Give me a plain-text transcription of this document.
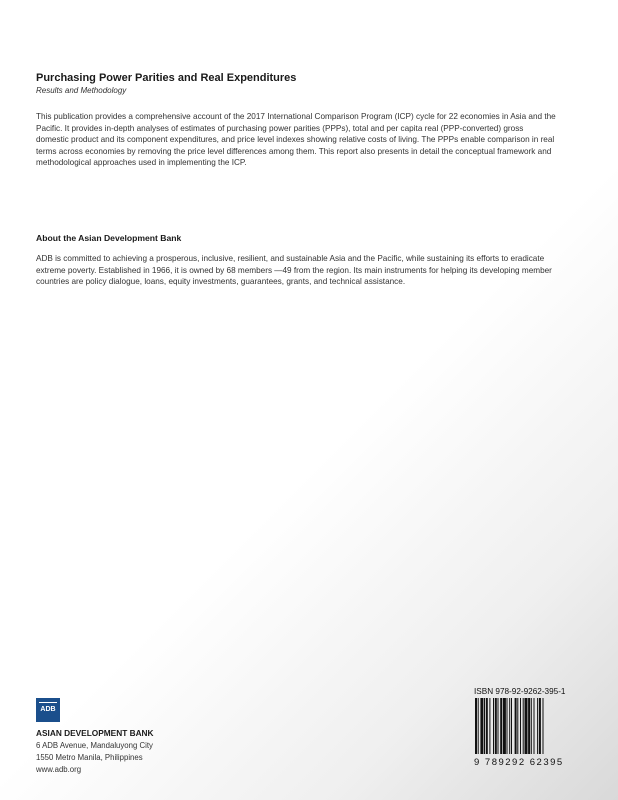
Purchasing Power Parities and Real Expenditures
Results and Methodology

This publication provides a comprehensive account of the 2017 International Comparison Program (ICP) cycle for 22 economies in Asia and the Pacific. It provides in-depth analyses of estimates of purchasing power parities (PPPs), total and per capita real (PPP-converted) gross domestic product and its component expenditures, and price level indexes showing relative costs of living. The PPPs enable comparison in real terms across economies by removing the price level differences among them. This report also presents in detail the conceptual framework and methodological approaches used in implementing the ICP.

About the Asian Development Bank

ADB is committed to achieving a prosperous, inclusive, resilient, and sustainable Asia and the Pacific, while sustaining its efforts to eradicate extreme poverty. Established in 1966, it is owned by 68 members —49 from the region. Its main instruments for helping its developing member countries are policy dialogue, loans, equity investments, guarantees, grants, and technical assistance.

ADB
ASIAN DEVELOPMENT BANK
6 ADB Avenue, Mandaluyong City
1550 Metro Manila, Philippines
www.adb.org
ISBN 978-92-9262-395-1
9 789292 62395
